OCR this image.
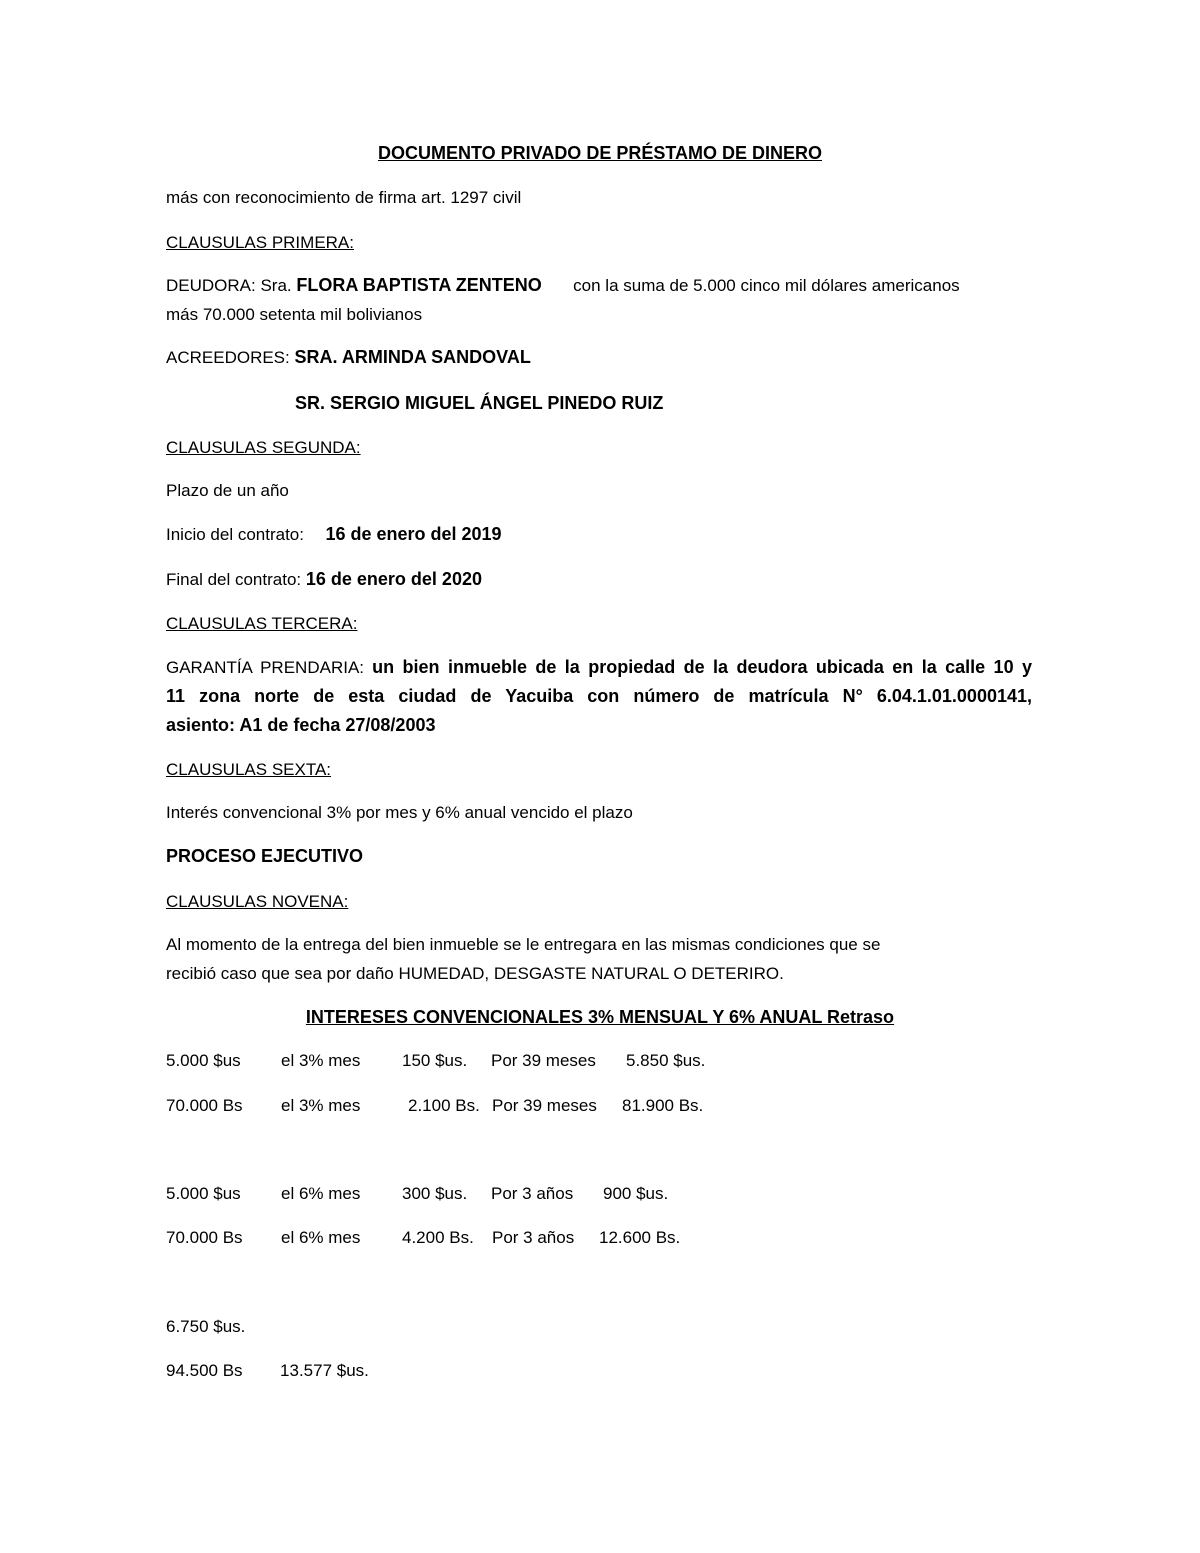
DOCUMENTO PRIVADO DE PRÉSTAMO DE DINERO
más con reconocimiento de firma art. 1297 civil
CLAUSULAS PRIMERA:
DEUDORA: Sra. FLORA BAPTISTA ZENTENO con la suma de 5.000 cinco mil dólares americanos
más 70.000 setenta mil bolivianos
ACREEDORES: SRA. ARMINDA SANDOVAL
SR. SERGIO MIGUEL ÁNGEL PINEDO RUIZ
CLAUSULAS SEGUNDA:
Plazo de un año
Inicio del contrato: 16 de enero del 2019
Final del contrato: 16 de enero del 2020
CLAUSULAS TERCERA:
GARANTÍA PRENDARIA: un bien inmueble de la propiedad de la deudora ubicada en la calle 10 y
11 zona norte de esta ciudad de Yacuiba con número de matrícula N° 6.04.1.01.0000141,
asiento: A1 de fecha 27/08/2003
CLAUSULAS SEXTA:
Interés convencional 3% por mes y 6% anual vencido el plazo
PROCESO EJECUTIVO
CLAUSULAS NOVENA:
Al momento de la entrega del bien inmueble se le entregara en las mismas condiciones que se
recibió caso que sea por daño HUMEDAD, DESGASTE NATURAL O DETERIRO.
INTERESES CONVENCIONALES 3% MENSUAL Y 6% ANUAL Retraso
5.000 $us el 3% mes 150 $us. Por 39 meses 5.850 $us.
70.000 Bs el 3% mes	2.100 Bs. Por 39 meses 81.900 Bs.
5.000 $us el 6% mes 300 $us. Por 3 años 900 $us.
70.000 Bs el 6% mes 4.200 Bs. Por 3 años 12.600 Bs.
6.750 $us.
94.500 Bs 13.577 $us.
